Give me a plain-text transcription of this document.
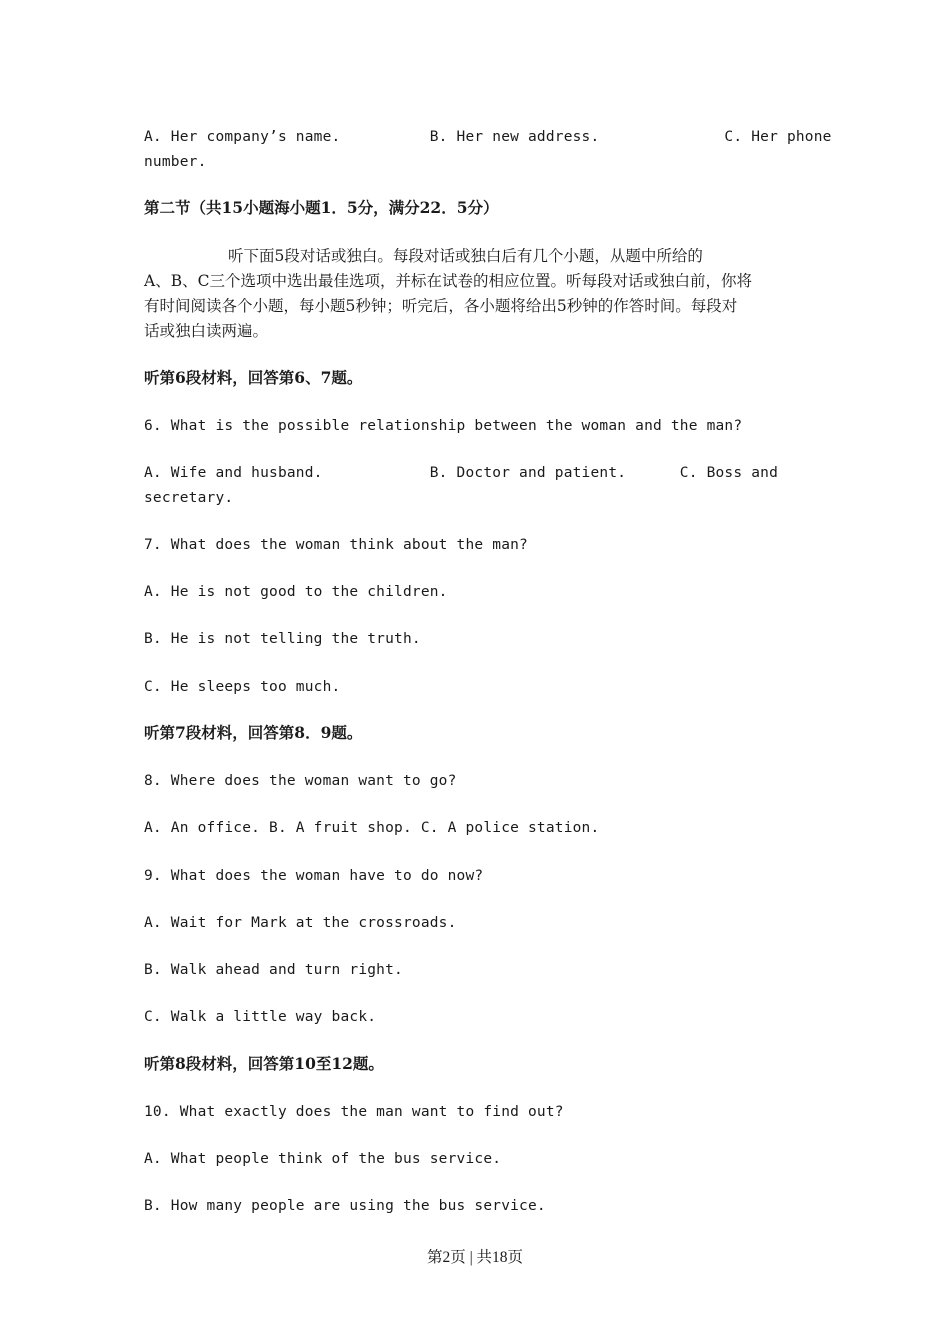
A. Her company’s name.          B. Her new address.              C. Her phone
number.
第二节（共15小题海小题1．5分，满分22．5分）
听下面5段对话或独白。每段对话或独白后有几个小题，从题中所给的
A、B、C三个选项中选出最佳选项，并标在试卷的相应位置。听每段对话或独白前，你将
有时间阅读各个小题，每小题5秒钟；听完后，各小题将给出5秒钟的作答时间。每段对
话或独白读两遍。
听第6段材料，回答第6、7题。
6. What is the possible relationship between the woman and the man?
A. Wife and husband.            B. Doctor and patient.      C. Boss and
secretary.
7. What does the woman think about the man?
A. He is not good to the children.
B. He is not telling the truth.
C. He sleeps too much.
听第7段材料，回答第8．9题。
8. Where does the woman want to go?
A. An office. B. A fruit shop. C. A police station.
9. What does the woman have to do now?
A. Wait for Mark at the crossroads.
B. Walk ahead and turn right.
C. Walk a little way back.
听第8段材料，回答第10至12题。
10. What exactly does the man want to find out?
A. What people think of the bus service.
B. How many people are using the bus service.
第2页 | 共18页
